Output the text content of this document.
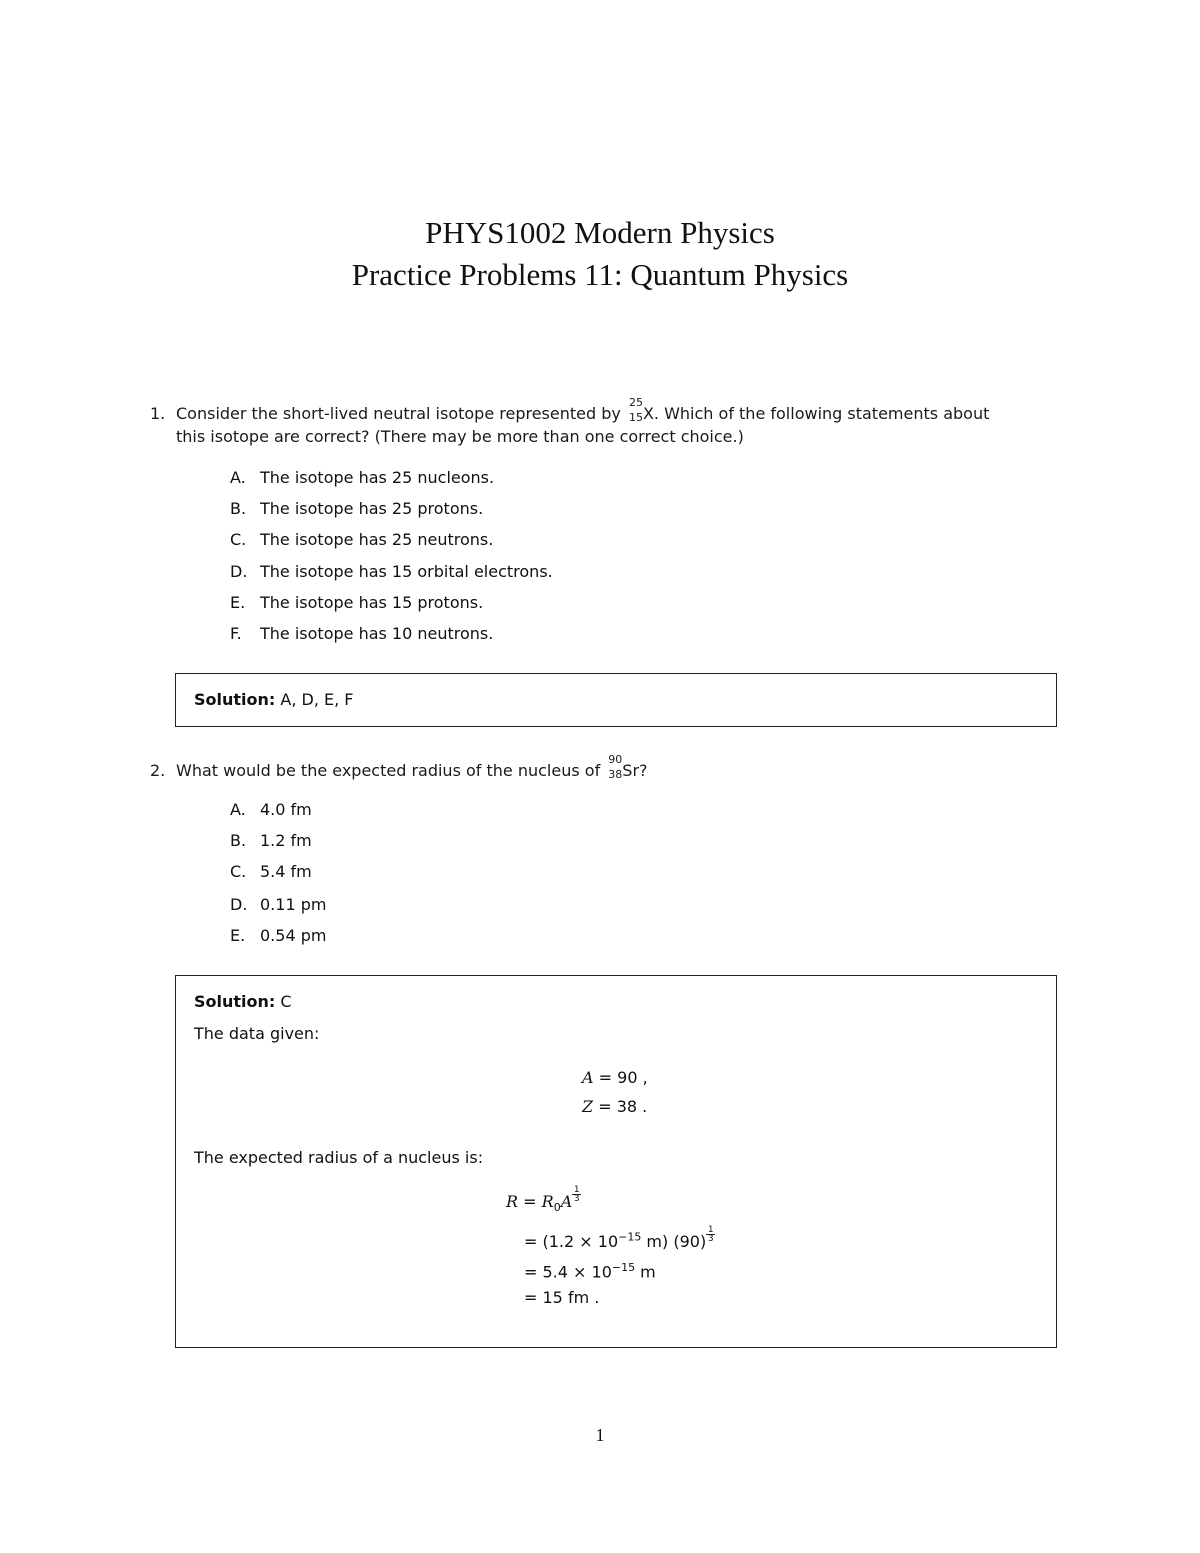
PHYS1002 Modern Physics
Practice Problems 11: Quantum Physics
1. Consider the short-lived neutral isotope represented by
25
15 X. Which of the following statements about
this isotope are correct? (There may be more than one correct choice.)
A. The isotope has 25 nucleons.
B. The isotope has 25 protons.
C. The isotope has 25 neutrons.
D. The isotope has 15 orbital electrons.
E. The isotope has 15 protons.
F. The isotope has 10 neutrons.
Solution: A, D, E, F
2. What would be the expected radius of the nucleus of
90
38 Sr?
A. 4.0 fm
B. 1.2 fm
C. 5.4 fm
D. 0.11 pm
E. 0.54 pm
Solution: C
The data given:
A = 90 ,
Z = 38 .
The expected radius of a nucleus is:
$R = R_0A \frac{1}{3}$
= ($1.2 \times 10^{-15}$ m) $(90) \frac{1}{3}$
= $5.4 \times 10^{-15}$ m
= 15 fm .
1
